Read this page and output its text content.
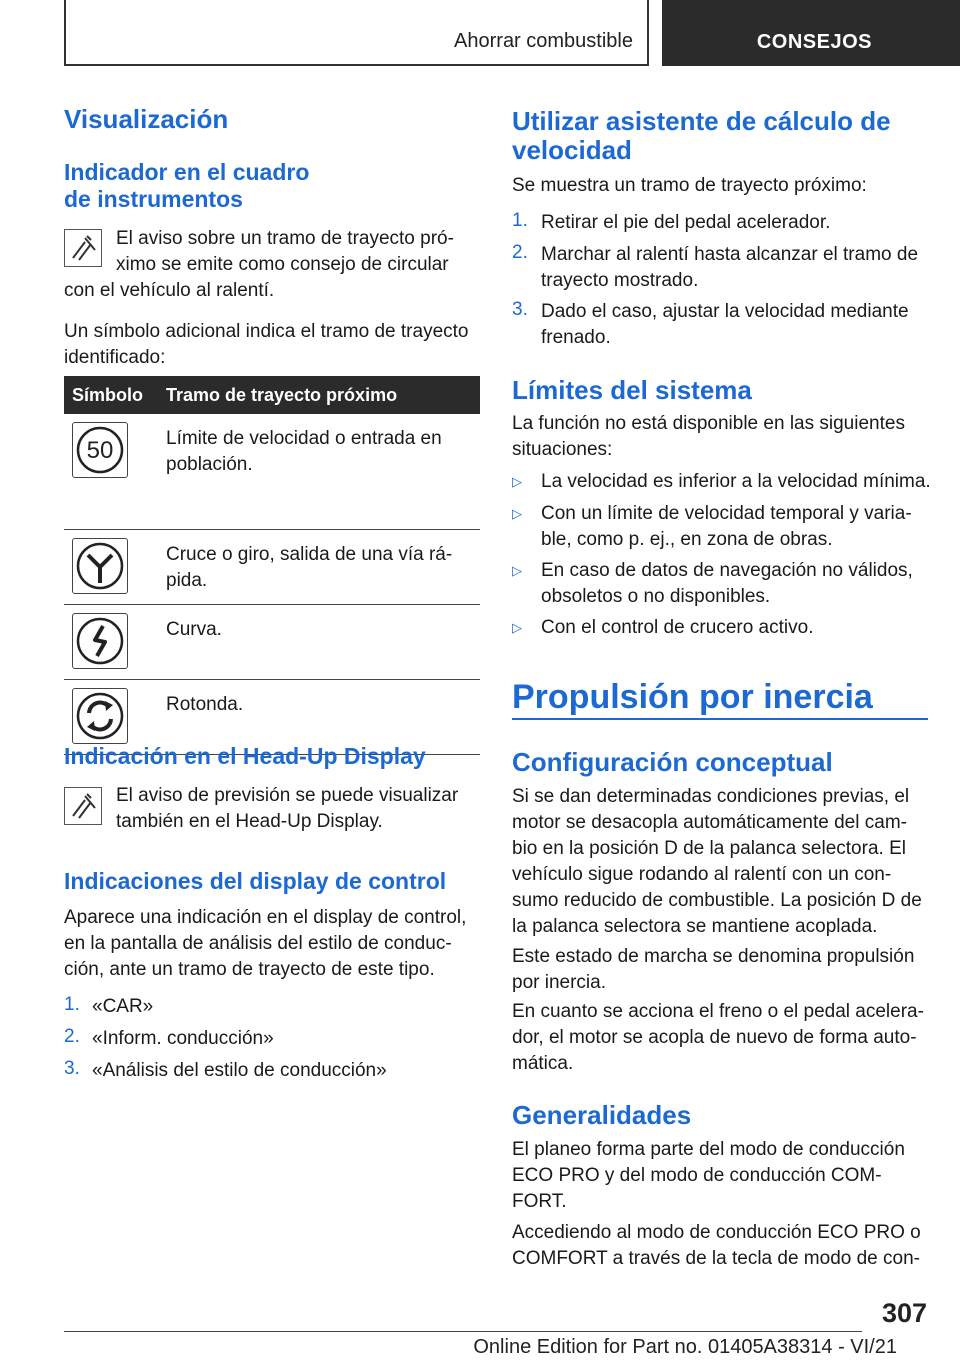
Ahorrar combustible	CONSEJOS
Visualización
Indicador en el cuadro
de instrumentos
El aviso sobre un tramo de trayecto pró-
ximo se emite como consejo de circular
con el vehículo al ralentí.
Un símbolo adicional indica el tramo de trayecto
identificado:
Símbolo	Tramo de trayecto próximo

50	Límite de velocidad o entrada en
población.

Cruce o giro, salida de una vía rá-
pida.

Curva.

Rotonda.
Indicación en el Head-Up Display
El aviso de previsión se puede visualizar
también en el Head-Up Display.
Indicaciones del display de control
Aparece una indicación en el display de control,
en la pantalla de análisis del estilo de conduc-
ción, ante un tramo de trayecto de este tipo.
1. «CAR»
2. «Inform. conducción»
3. «Análisis del estilo de conducción»
Utilizar asistente de cálculo de
velocidad
Se muestra un tramo de trayecto próximo:
1. Retirar el pie del pedal acelerador.
2. Marchar al ralentí hasta alcanzar el tramo de
trayecto mostrado.
3. Dado el caso, ajustar la velocidad mediante
frenado.
Límites del sistema
La función no está disponible en las siguientes
situaciones:
▷ La velocidad es inferior a la velocidad mínima.
▷ Con un límite de velocidad temporal y varia-
ble, como p. ej., en zona de obras.
▷ En caso de datos de navegación no válidos,
obsoletos o no disponibles.
▷ Con el control de crucero activo.
Propulsión por inercia
Configuración conceptual
Si se dan determinadas condiciones previas, el
motor se desacopla automáticamente del cam-
bio en la posición D de la palanca selectora. El
vehículo sigue rodando al ralentí con un con-
sumo reducido de combustible. La posición D de
la palanca selectora se mantiene acoplada.
Este estado de marcha se denomina propulsión
por inercia.
En cuanto se acciona el freno o el pedal acelera-
dor, el motor se acopla de nuevo de forma auto-
mática.
Generalidades
El planeo forma parte del modo de conducción
ECO PRO y del modo de conducción COM-
FORT.
Accediendo al modo de conducción ECO PRO o
COMFORT a través de la tecla de modo de con-
307
Online Edition for Part no. 01405A38314 - VI/21
